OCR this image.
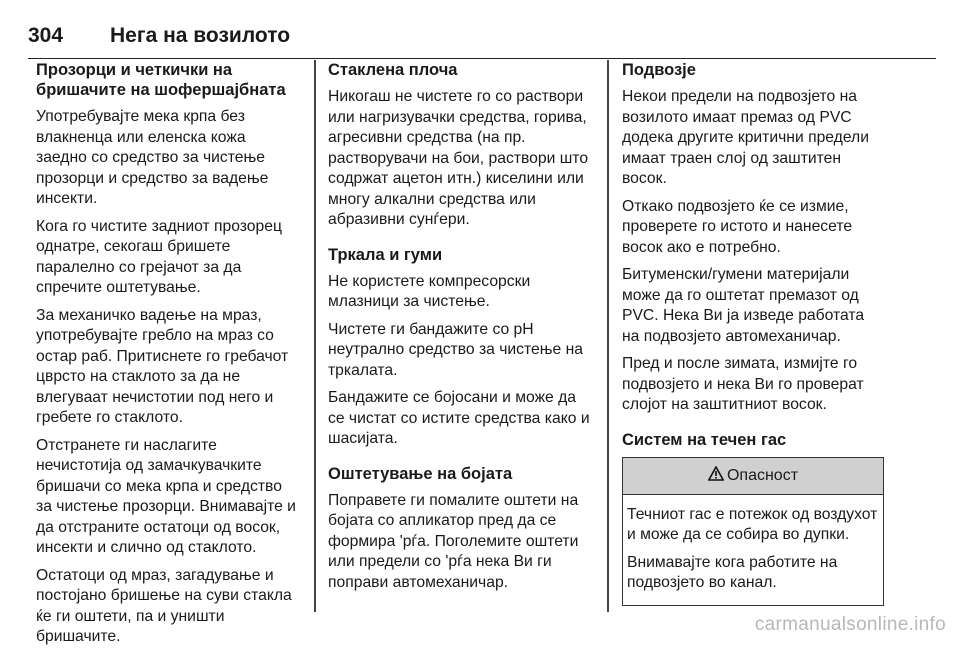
304 Нега на возилото
Прозорци и четкички на бришачите на шофершајбната

Употребувајте мека крпа без влакненца или еленска кожа заедно со средство за чистење прозорци и средство за вадење инсекти.

Кога го чистите задниот прозорец однатре, секогаш бришете паралелно со грејачот за да спречите оштетување.

За механичко вадење на мраз, употребувајте гребло на мраз со остар раб. Притиснете го гребачот цврсто на стаклото за да не влегуваат нечистотии под него и гребете го стаклото.

Отстранете ги наслагите нечистотија од замачкувачките бришачи со мека крпа и средство за чистење прозорци. Внимавајте и да отстраните остатоци од восок, инсекти и слично од стаклото.

Остатоци од мраз, загадување и постојано бришење на суви стакла ќе ги оштети, па и уништи бришачите.

Стаклена плоча

Никогаш не чистете го со раствори или нагризувачки средства, горива, агресивни средства (на пр. растворувачи на бои, раствори што содржат ацетон итн.) киселини или многу алкални средства или абразивни сунѓери.

Тркала и гуми

Не користете компресорски млазници за чистење.

Чистете ги бандажите со pH неутрално средство за чистење на тркалата.

Бандажите се бојосани и може да се чистат со истите средства како и шасијата.

Оштетување на бојата

Поправете ги помалите оштети на бојата со апликатор пред да се формира 'рѓа. Поголемите оштети или предели со 'рѓа нека Ви ги поправи автомеханичар.

Подвозје

Некои предели на подвозјето на возилото имаат премаз од PVC додека другите критични предели имаат траен слој од заштитен восок.

Откако подвозјето ќе се измие, проверете го истото и нанесете восок ако е потребно.

Битуменски/гумени материјали може да го оштетат премазот од PVC. Нека Ви ја изведе работата на подвозјето автомеханичар.

Пред и после зимата, измијте го подвозјето и нека Ви го проверат слојот на заштитниот восок.

Систем на течен гас
Опасност

Течниот гас е потежок од воздухот и може да се собира во дупки.

Внимавајте кога работите на подвозјето во канал.

carmanualsonline.info
